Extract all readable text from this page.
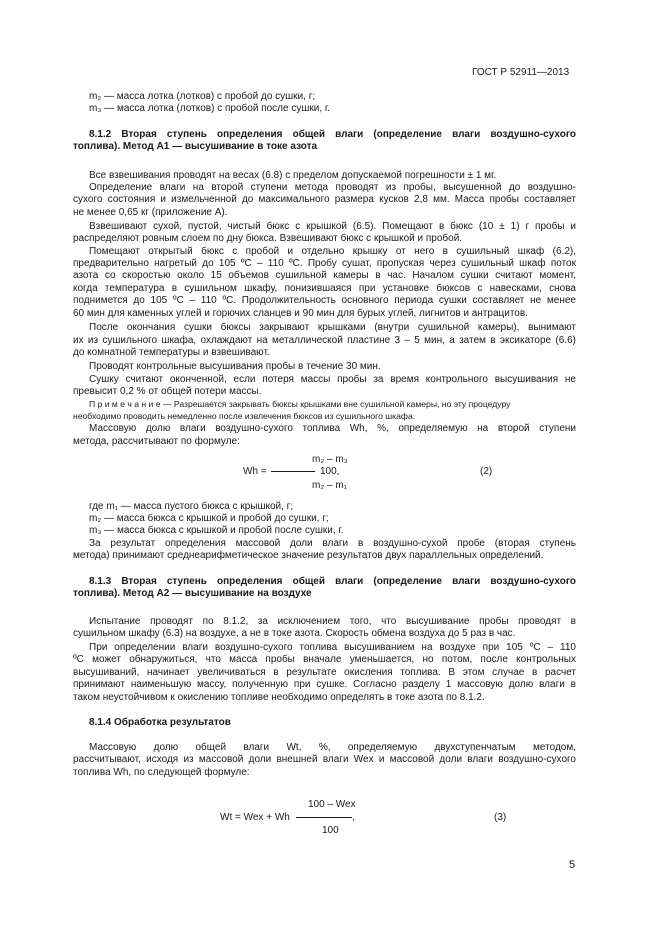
ГОСТ Р 52911—2013
m₂ — масса лотка (лотков) с пробой до сушки, г;
m₃ — масса лотка (лотков) с пробой после сушки, г.
8.1.2 Вторая ступень определения общей влаги (определение влаги воздушно-сухого
топлива). Метод А1 — высушивание в токе азота
Все взвешивания проводят на весах (6.8) с пределом допускаемой погрешности ± 1 мг.
Определение влаги на второй ступени метода проводят из пробы, высушенной до воздушно-
сухого состояния и измельченной до максимального размера кусков 2,8 мм. Масса пробы составляет
не менее 0,65 кг (приложение А).
Взвешивают сухой, пустой, чистый бюкс с крышкой (6.5). Помещают в бюкс (10 ± 1) г пробы и
распределяют ровным слоем по дну бюкса. Взвешивают бюкс с крышкой и пробой.
Помещают открытый бюкс с пробой и отдельно крышку от него в сушильный шкаф (6.2),
предварительно нагретый до 105 ºС – 110 ºС. Пробу сушат, пропуская через сушильный шкаф поток
азота со скоростью около 15 объемов сушильной камеры в час. Началом сушки считают момент,
когда температура в сушильном шкафу, понизившаяся при установке бюксов с навесками, снова
поднимется до 105 ºС – 110 ºС. Продолжительность основного периода сушки составляет не менее
60 мин для каменных углей и горючих сланцев и 90 мин для бурых углей, лигнитов и антрацитов.
После окончания сушки бюксы закрывают крышками (внутри сушильной камеры), вынимают
их из сушильного шкафа, охлаждают на металлической пластине 3 – 5 мин, а затем в эксикаторе (6.6)
до комнатной температуры и взвешивают.
Проводят контрольные высушивания пробы в течение 30 мин.
Сушку считают оконченной, если потеря массы пробы за время контрольного высушивания не
превысит 0,2 % от общей потери массы.
П р и м е ч а н и е — Разрешается закрывать бюксы крышками вне сушильной камеры, но эту процедуру
необходимо проводить немедленно после извлечения бюксов из сушильного шкафа.
Массовую долю влаги воздушно-сухого топлива Wh, %, определяемую на второй ступени
метода, рассчитывают по формуле:
m₂ – m₃
Wh =	100,	(2)
m₂ – m₁
где m₁ — масса пустого бюкса с крышкой, г;
m₂ — масса бюкса с крышкой и пробой до сушки, г;
m₃ — масса бюкса с крышкой и пробой после сушки, г.
За результат определения массовой доли влаги в воздушно-сухой пробе (вторая ступень
метода) принимают среднеарифметическое значение результатов двух параллельных определений.
8.1.3 Вторая ступень определения общей влаги (определение влаги воздушно-сухого
топлива). Метод А2 — высушивание на воздухе
Испытание проводят по 8.1.2, за исключением того, что высушивание пробы проводят в
сушильном шкафу (6.3) на воздухе, а не в токе азота. Скорость обмена воздуха до 5 раз в час.
При определении влаги воздушно-сухого топлива высушиванием на воздухе при 105 ºС – 110
ºС может обнаружиться, что масса пробы вначале уменьшается, но потом, после контрольных
высушиваний, начинает увеличиваться в результате окисления топлива. В этом случае в расчет
принимают наименьшую массу, полученную при сушке. Согласно разделу 1 массовую долю влаги в
таком неустойчивом к окислению топливе необходимо определять в токе азота по 8.1.2.
8.1.4 Обработка результатов
Массовую долю общей влаги Wt, %, определяемую двухступенчатым методом,
рассчитывают, исходя из массовой доли внешней влаги Wex и массовой доли влаги воздушно-сухого
топлива Wh, по следующей формуле:
100 – Wex
Wt = Wex + Wh	,	(3)
100
5
